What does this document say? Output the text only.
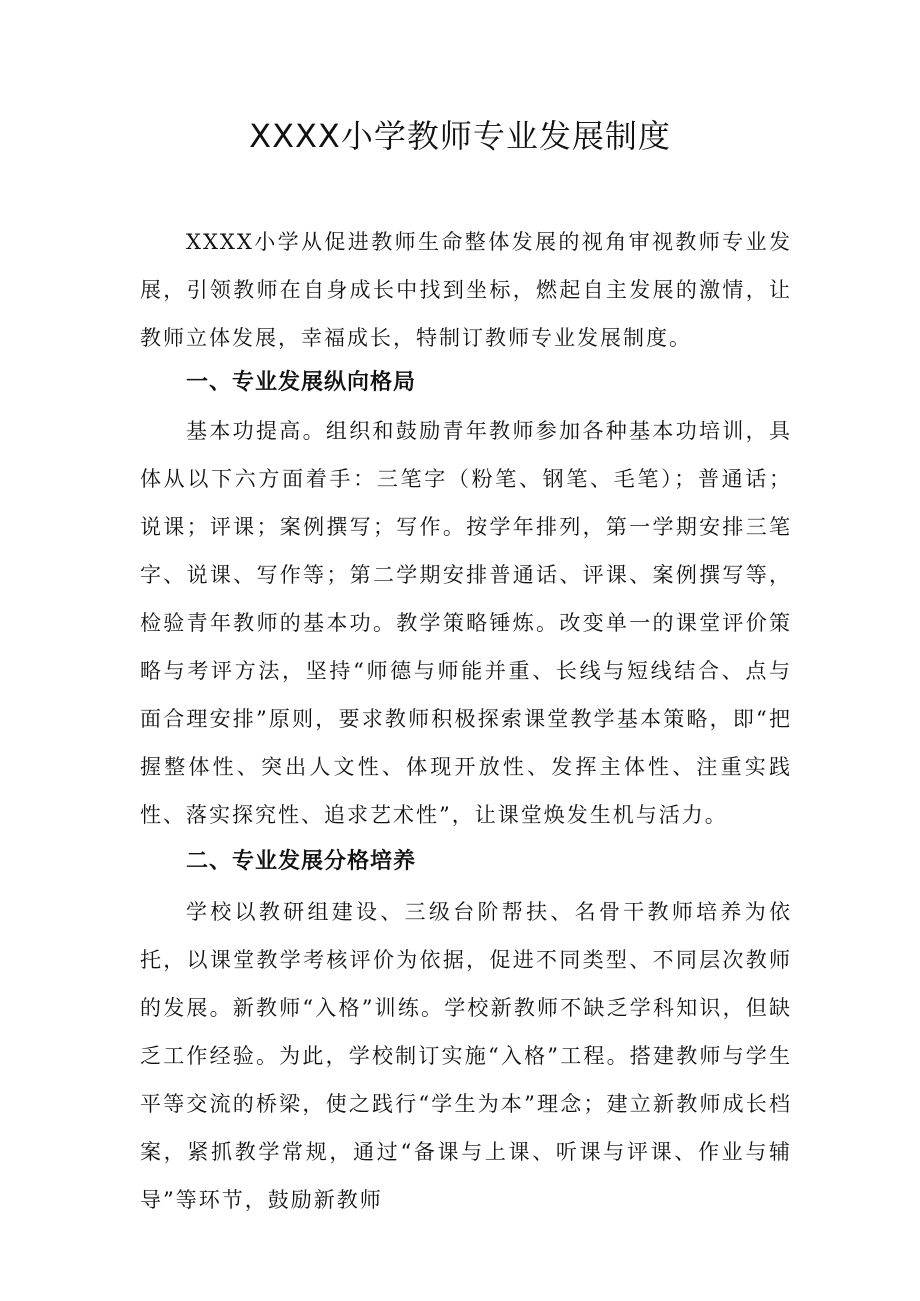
XXXX小学教师专业发展制度

XXXX小学从促进教师生命整体发展的视角审视教师专业发展，引领教师在自身成长中找到坐标，燃起自主发展的激情，让教师立体发展，幸福成长，特制订教师专业发展制度。

一、专业发展纵向格局

基本功提高。组织和鼓励青年教师参加各种基本功培训，具体从以下六方面着手：三笔字（粉笔、钢笔、毛笔）；普通话；说课；评课；案例撰写；写作。按学年排列，第一学期安排三笔字、说课、写作等；第二学期安排普通话、评课、案例撰写等，检验青年教师的基本功。教学策略锤炼。改变单一的课堂评价策略与考评方法，坚持“师德与师能并重、长线与短线结合、点与面合理安排”原则，要求教师积极探索课堂教学基本策略，即“把握整体性、突出人文性、体现开放性、发挥主体性、注重实践性、落实探究性、追求艺术性”，让课堂焕发生机与活力。

二、专业发展分格培养

学校以教研组建设、三级台阶帮扶、名骨干教师培养为依托，以课堂教学考核评价为依据，促进不同类型、不同层次教师的发展。新教师“入格”训练。学校新教师不缺乏学科知识，但缺乏工作经验。为此，学校制订实施“入格”工程。搭建教师与学生平等交流的桥梁，使之践行“学生为本”理念；建立新教师成长档案，紧抓教学常规，通过“备课与上课、听课与评课、作业与辅导”等环节，鼓励新教师
